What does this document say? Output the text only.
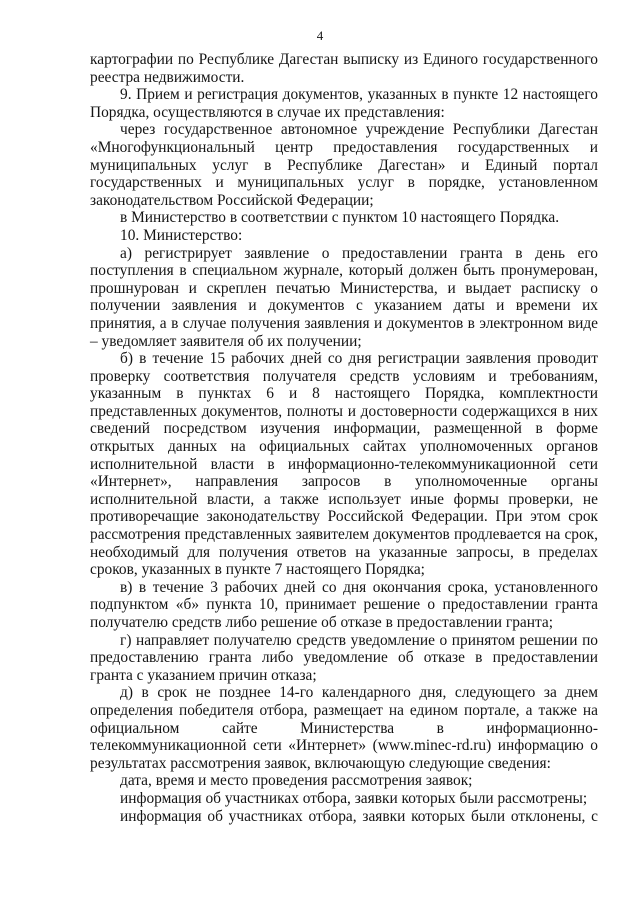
4

картографии по Республике Дагестан выписку из Единого государственного реестра недвижимости.

9. Прием и регистрация документов, указанных в пункте 12 настоящего Порядка, осуществляются в случае их представления:

через государственное автономное учреждение Республики Дагестан «Многофункциональный центр предоставления государственных и муниципальных услуг в Республике Дагестан» и Единый портал государственных и муниципальных услуг в порядке, установленном законодательством Российской Федерации;

в Министерство в соответствии с пунктом 10 настоящего Порядка.

10. Министерство:

а) регистрирует заявление о предоставлении гранта в день его поступления в специальном журнале, который должен быть пронумерован, прошнурован и скреплен печатью Министерства, и выдает расписку о получении заявления и документов с указанием даты и времени их принятия, а в случае получения заявления и документов в электронном виде – уведомляет заявителя об их получении;

б) в течение 15 рабочих дней со дня регистрации заявления проводит проверку соответствия получателя средств условиям и требованиям, указанным в пунктах 6 и 8 настоящего Порядка, комплектности представленных документов, полноты и достоверности содержащихся в них сведений посредством изучения информации, размещенной в форме открытых данных на официальных сайтах уполномоченных органов исполнительной власти в информационно-телекоммуникационной сети «Интернет», направления запросов в уполномоченные органы исполнительной власти, а также использует иные формы проверки, не противоречащие законодательству Российской Федерации. При этом срок рассмотрения представленных заявителем документов продлевается на срок, необходимый для получения ответов на указанные запросы, в пределах сроков, указанных в пункте 7 настоящего Порядка;

в) в течение 3 рабочих дней со дня окончания срока, установленного подпунктом «б» пункта 10, принимает решение о предоставлении гранта получателю средств либо решение об отказе в предоставлении гранта;

г) направляет получателю средств уведомление о принятом решении по предоставлению гранта либо уведомление об отказе в предоставлении гранта с указанием причин отказа;

д) в срок не позднее 14-го календарного дня, следующего за днем определения победителя отбора, размещает на едином портале, а также на официальном сайте Министерства в информационно-телекоммуникационной сети «Интернет» (www.minec-rd.ru) информацию о результатах рассмотрения заявок, включающую следующие сведения:

дата, время и место проведения рассмотрения заявок;

информация об участниках отбора, заявки которых были рассмотрены;

информация об участниках отбора, заявки которых были отклонены, с
